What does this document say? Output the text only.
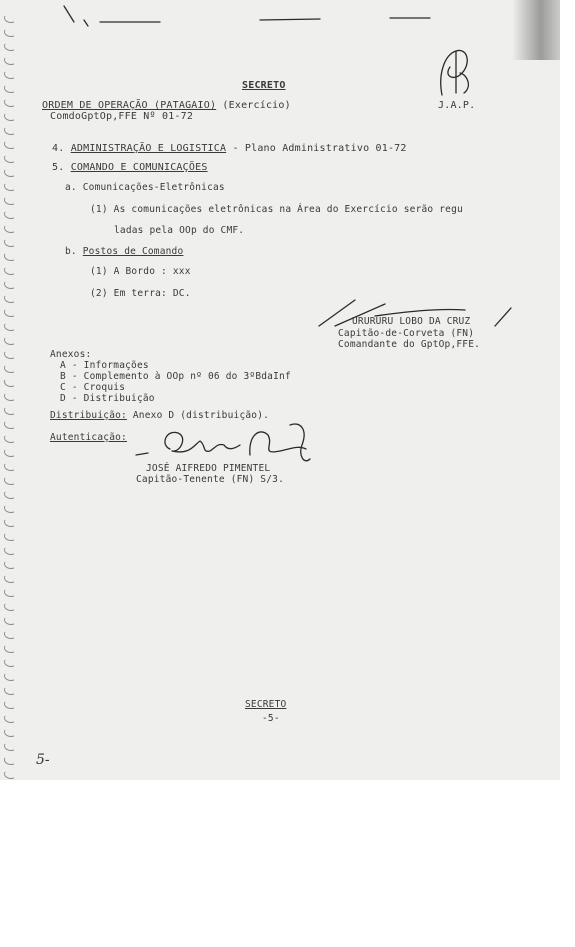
SECRETO
ORDEM DE OPERAÇÃO (PATAGAIO) (Exercício)
ComdoGptOp,FFE Nº 01-72
J.A.P.
4. ADMINISTRAÇÃO E LOGISTICA - Plano Administrativo 01-72
5. COMANDO E COMUNICAÇÕES
a. Comunicações-Eletrônicas
(1) As comunicações eletrônicas na Área do Exercício serão regu
ladas pela OOp do CMF.
b. Postos de Comando
(1) A Bordo : xxx
(2) Em terra: DC.
URURURU LOBO DA CRUZ
Capitão-de-Corveta (FN)
Comandante do GptOp,FFE.
Anexos:
A - Informações
B - Complemento à OOp nº 06 do 3ºBdaInf
C - Croquis
D - Distribuição
Distribuição: Anexo D (distribuição).
Autenticação:
JOSÉ AIFREDO PIMENTEL
Capitão-Tenente (FN) S/3.
SECRETO
-5-
5-
